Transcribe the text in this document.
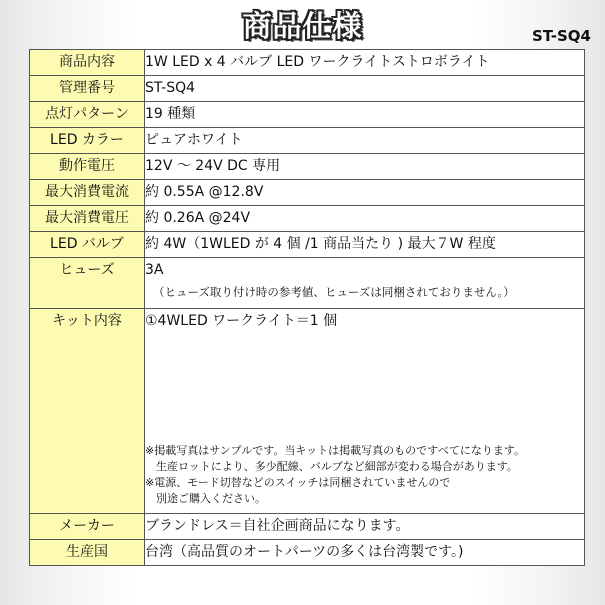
商品仕様	ST-SQ4
商品内容	1W LED x 4 バルブ LED ワークライトストロボライト
管理番号	ST-SQ4
点灯パターン	19 種類
LED カラー	ピュアホワイト
動作電圧	12V 〜 24V DC 専用
最大消費電流	約 0.55A @12.8V
最大消費電圧	約 0.26A @24V
LED バルブ	約 4W（1WLED が 4 個 /1 商品当たり ) 最大７W 程度
ヒューズ	3A
（ヒューズ取り付け時の参考値、ヒューズは同梱されておりません。）

キット内容	①4WLED ワークライト＝1 個
※掲載写真はサンプルです。当キットは掲載写真のものですべてになります。
　生産ロットにより、多少配線、バルブなど細部が変わる場合があります。
※電源、モード切替などのスイッチは同梱されていませんので
　別途ご購入ください。

メーカー	ブランドレス＝自社企画商品になります。
生産国	台湾（高品質のオートパーツの多くは台湾製です。)
